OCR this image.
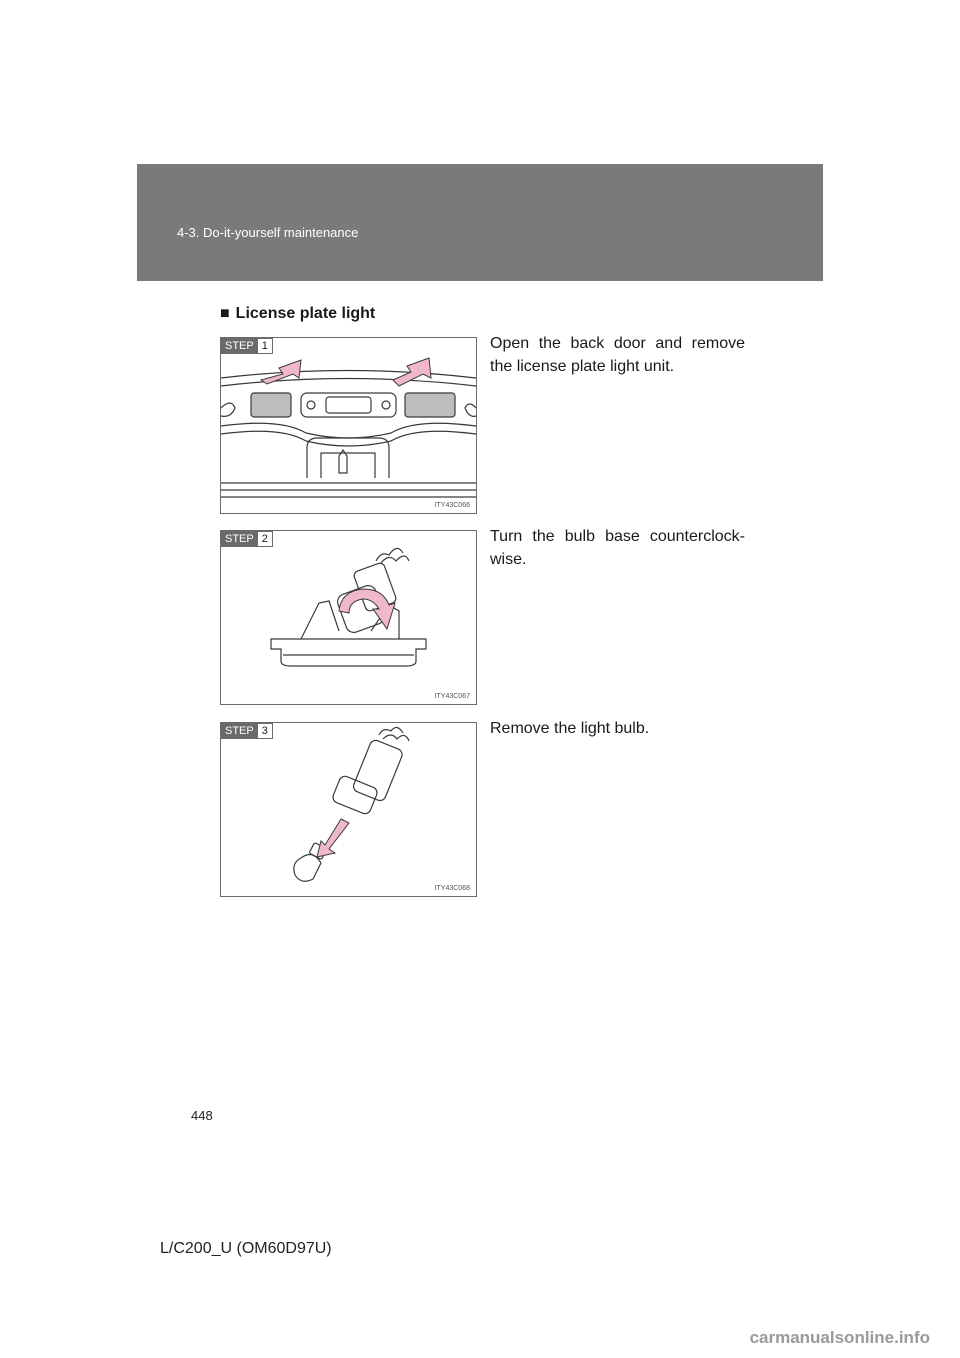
4-3. Do-it-yourself maintenance
■ License plate light
STEP 1
ITY43C066
Open the back door and remove the license plate light unit.
STEP 2
ITY43C067
Turn the bulb base counterclock-wise.
STEP 3
ITY43C068
Remove the light bulb.
448
L/C200_U (OM60D97U)
carmanualsonline.info
